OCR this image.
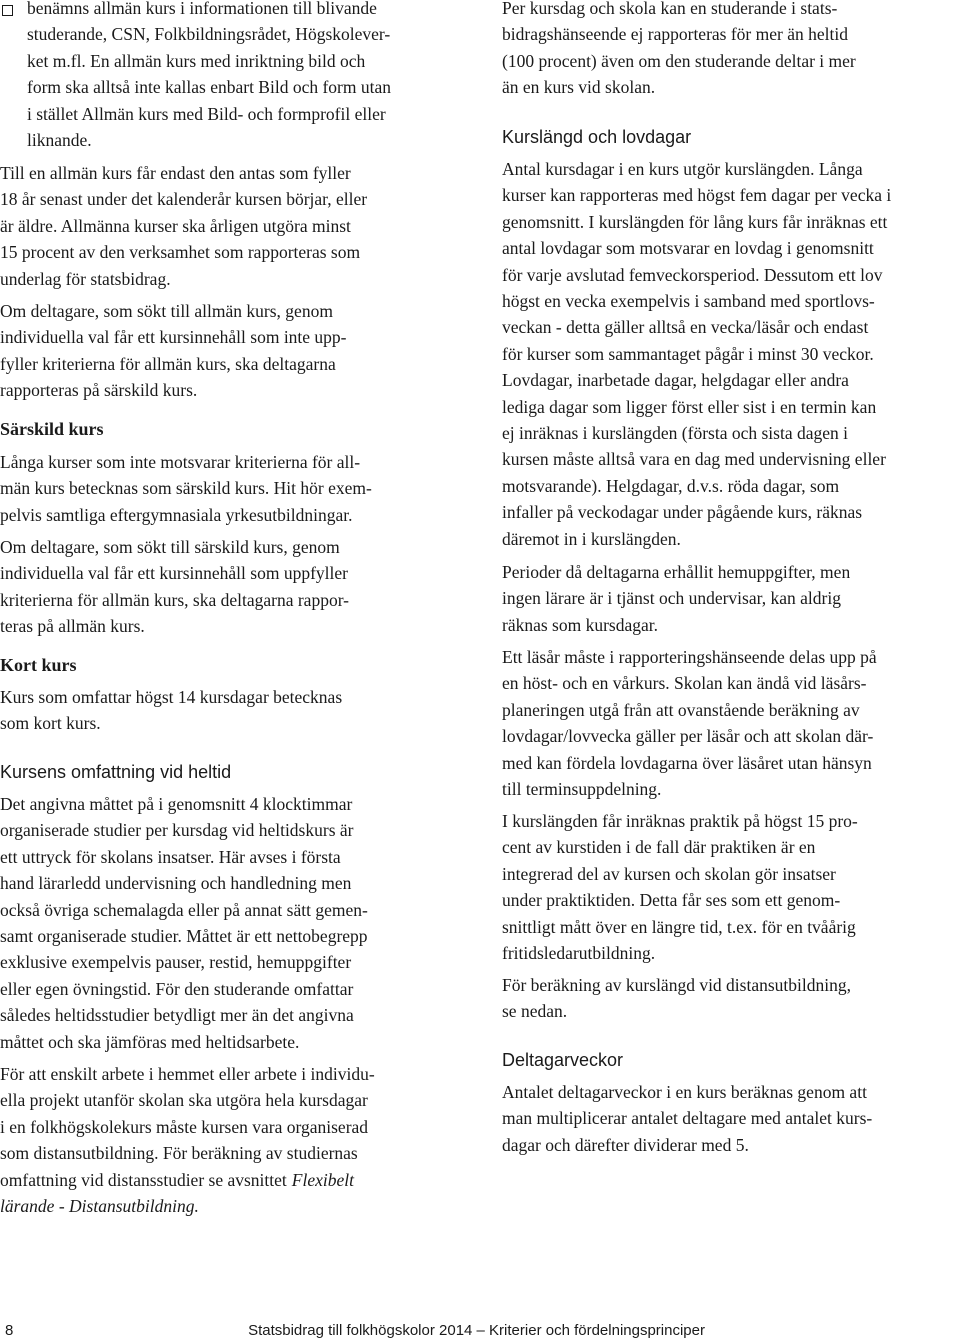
benämns allmän kurs i informationen till blivande
studerande, CSN, Folkbildningsrådet, Högskolever-
ket m.fl. En allmän kurs med inriktning bild och
form ska alltså inte kallas enbart Bild och form utan
i stället Allmän kurs med Bild- och formprofil eller
liknande.
Till en allmän kurs får endast den antas som fyller
18 år senast under det kalenderår kursen börjar, eller
är äldre. Allmänna kurser ska årligen utgöra minst
15 procent av den verksamhet som rapporteras som
underlag för statsbidrag.
Om deltagare, som sökt till allmän kurs, genom
individuella val får ett kursinnehåll som inte upp-
fyller kriterierna för allmän kurs, ska deltagarna
rapporteras på särskild kurs.
Särskild kurs
Långa kurser som inte motsvarar kriterierna för all-
män kurs betecknas som särskild kurs. Hit hör exem-
pelvis samtliga eftergymnasiala yrkesutbildningar.
Om deltagare, som sökt till särskild kurs, genom
individuella val får ett kursinnehåll som uppfyller
kriterierna för allmän kurs, ska deltagarna rappor-
teras på allmän kurs.
Kort kurs
Kurs som omfattar högst 14 kursdagar betecknas
som kort kurs.
Kursens omfattning vid heltid
Det angivna måttet på i genomsnitt 4 klocktimmar
organiserade studier per kursdag vid heltidskurs är
ett uttryck för skolans insatser. Här avses i första
hand lärarledd undervisning och handledning men
också övriga schemalagda eller på annat sätt gemen-
samt organiserade studier. Måttet är ett nettobegrepp
exklusive exempelvis pauser, restid, hemuppgifter
eller egen övningstid. För den studerande omfattar
således heltidsstudier betydligt mer än det angivna
måttet och ska jämföras med heltidsarbete.
För att enskilt arbete i hemmet eller arbete i individu-
ella projekt utanför skolan ska utgöra hela kursdagar
i en folkhögskolekurs måste kursen vara organiserad
som distansutbildning. För beräkning av studiernas
omfattning vid distansstudier se avsnittet Flexibelt
lärande - Distansutbildning.
Per kursdag och skola kan en studerande i stats-
bidragshänseende ej rapporteras för mer än heltid
(100 procent) även om den studerande deltar i mer
än en kurs vid skolan.
Kurslängd och lovdagar
Antal kursdagar i en kurs utgör kurslängden. Långa
kurser kan rapporteras med högst fem dagar per vecka i
genomsnitt. I kurslängden för lång kurs får inräknas ett
antal lovdagar som motsvarar en lovdag i genomsnitt
för varje avslutad femveckorsperiod. Dessutom ett lov
högst en vecka exempelvis i samband med sportlovs-
veckan - detta gäller alltså en vecka/läsår och endast
för kurser som sammantaget pågår i minst 30 veckor.
Lovdagar, inarbetade dagar, helgdagar eller andra
lediga dagar som ligger först eller sist i en termin kan
ej inräknas i kurslängden (första och sista dagen i
kursen måste alltså vara en dag med undervisning eller
motsvarande). Helgdagar, d.v.s. röda dagar, som
infaller på veckodagar under pågående kurs, räknas
däremot in i kurslängden.
Perioder då deltagarna erhållit hemuppgifter, men
ingen lärare är i tjänst och undervisar, kan aldrig
räknas som kursdagar.
Ett läsår måste i rapporteringshänseende delas upp på
en höst- och en vårkurs. Skolan kan ändå vid läsårs-
planeringen utgå från att ovanstående beräkning av
lovdagar/lovvecka gäller per läsår och att skolan där-
med kan fördela lovdagarna över läsåret utan hänsyn
till terminsuppdelning.
I kurslängden får inräknas praktik på högst 15 pro-
cent av kurstiden i de fall där praktiken är en
integrerad del av kursen och skolan gör insatser
under praktiktiden. Detta får ses som ett genom-
snittligt mått över en längre tid, t.ex. för en tvåårig
fritidsledarutbildning.
För beräkning av kurslängd vid distansutbildning,
se nedan.
Deltagarveckor
Antalet deltagarveckor i en kurs beräknas genom att
man multiplicerar antalet deltagare med antalet kurs-
dagar och därefter dividerar med 5.
8	Statsbidrag till folkhögskolor 2014 – Kriterier och fördelningsprinciper
